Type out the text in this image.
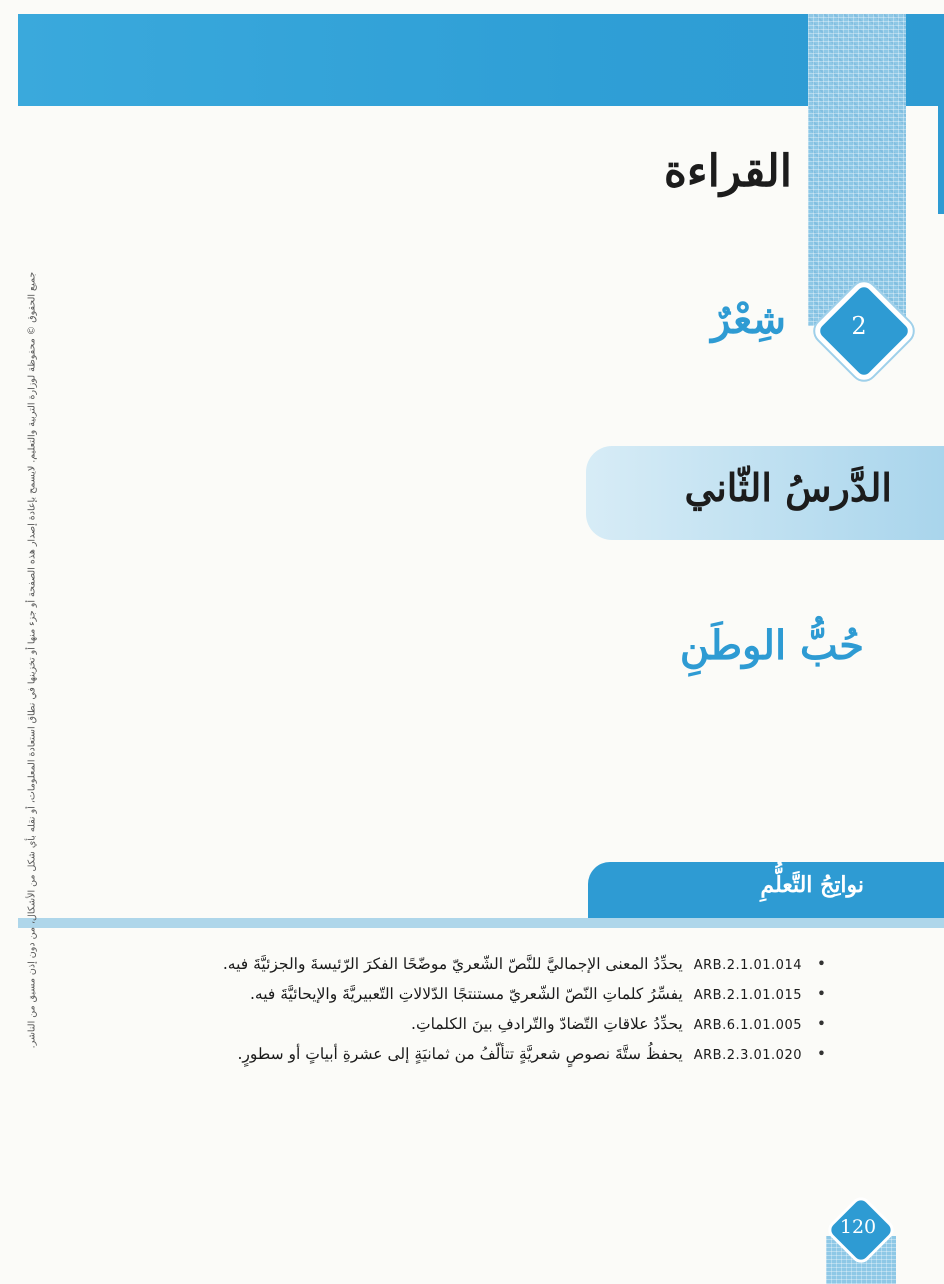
القراءة
2
شِعْرٌ
الدَّرسُ الثّاني
حُبُّ الوطَنِ
نواتِجُ التَّعلُّمِ
•
ARB.2.1.01.014 يحدِّدُ المعنى الإجماليَّ للنَّصّ الشّعريّ موضّحًا الفكرَ الرّئيسةَ والجزئيَّةَ فيه.
•
ARB.2.1.01.015 يفسِّرُ كلماتِ النّصّ الشّعريّ مستنتجًا الدّلالاتِ التّعبيريَّةَ والإيحائيَّةَ فيه.
•
ARB.6.1.01.005 يحدِّدُ علاقاتِ التّضادّ والتّرادفِ بينَ الكلماتِ.
•
ARB.2.3.01.020 يحفظُ ستَّةَ نصوصٍ شعريَّةٍ تتألّفُ من ثمانيَةٍ إلى عشرةِ أبياتٍ أو سطورٍ.
جميع الحقوق © محفوظة لوزارة التربية والتعليم. لايسمح بإعادة إصدار هذه الصفحة أو جزء منها أو تخزينها في نطاق استعادة المعلومات، أو نقله بأي شكل من الأشكال، من دون إذن مسبق من الناشر.
120
